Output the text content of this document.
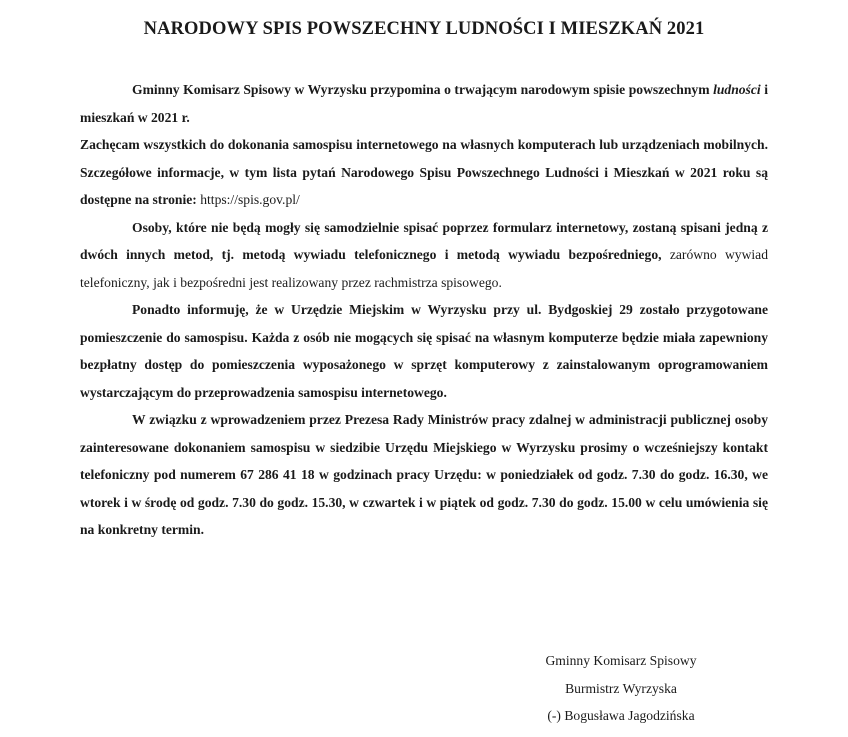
NARODOWY SPIS POWSZECHNY LUDNOŚCI I MIESZKAŃ 2021

Gminny Komisarz Spisowy w Wyrzysku przypomina o trwającym narodowym spisie powszechnym ludności i mieszkań w 2021 r.

Zachęcam wszystkich do dokonania samospisu internetowego na własnych komputerach lub urządzeniach mobilnych. Szczegółowe informacje, w tym lista pytań Narodowego Spisu Powszechnego Ludności i Mieszkań w 2021 roku są dostępne na stronie: https://spis.gov.pl/

Osoby, które nie będą mogły się samodzielnie spisać poprzez formularz internetowy, zostaną spisani jedną z dwóch innych metod, tj. metodą wywiadu telefonicznego i metodą wywiadu bezpośredniego, zarówno wywiad telefoniczny, jak i bezpośredni jest realizowany przez rachmistrza spisowego.

Ponadto informuję, że w Urzędzie Miejskim w Wyrzysku przy ul. Bydgoskiej 29 zostało przygotowane pomieszczenie do samospisu. Każda z osób nie mogących się spisać na własnym komputerze będzie miała zapewniony bezpłatny dostęp do pomieszczenia wyposażonego w sprzęt komputerowy z zainstalowanym oprogramowaniem wystarczającym do przeprowadzenia samospisu internetowego.

W związku z wprowadzeniem przez Prezesa Rady Ministrów pracy zdalnej w administracji publicznej osoby zainteresowane dokonaniem samospisu w siedzibie Urzędu Miejskiego w Wyrzysku prosimy o wcześniejszy kontakt telefoniczny pod numerem 67 286 41 18 w godzinach pracy Urzędu: w poniedziałek od godz. 7.30 do godz. 16.30, we wtorek i w środę od godz. 7.30 do godz. 15.30, w czwartek i w piątek od godz. 7.30 do godz. 15.00 w celu umówienia się na konkretny termin.

Gminny Komisarz Spisowy
Burmistrz Wyrzyska
(-) Bogusława Jagodzińska
